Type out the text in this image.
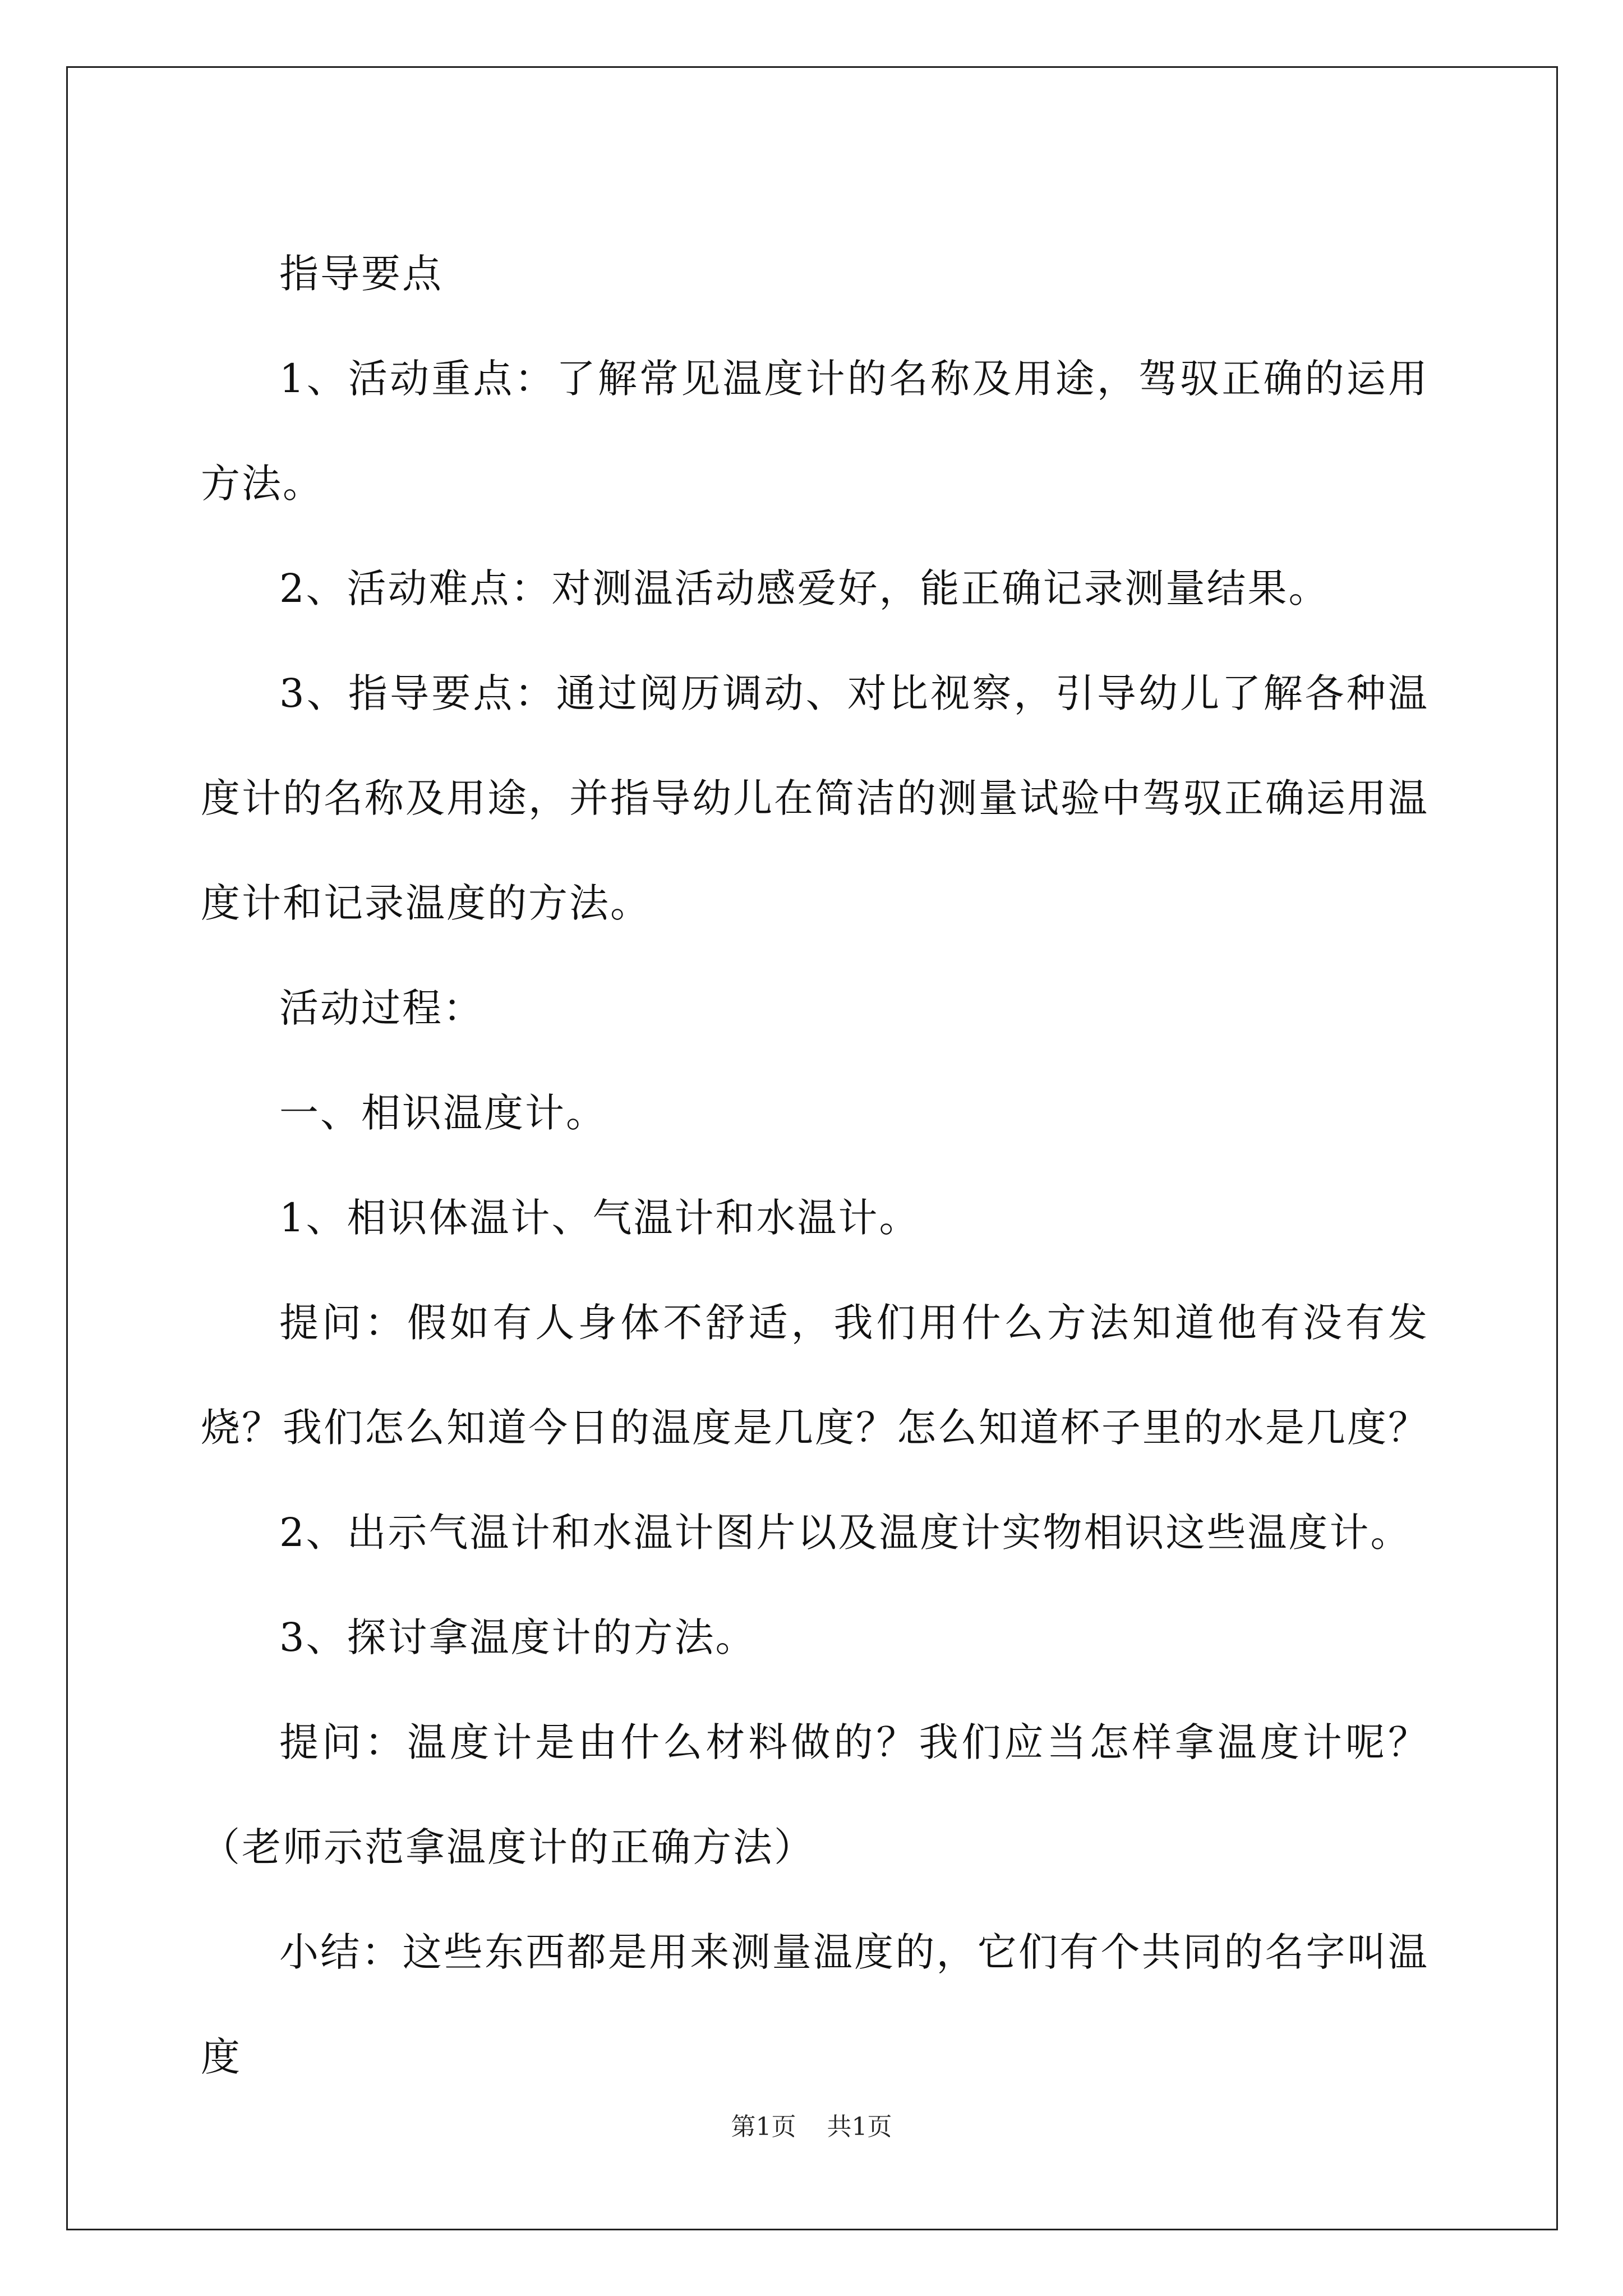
指导要点

1、活动重点：了解常见温度计的名称及用途，驾驭正确的运用方法。

2、活动难点：对测温活动感爱好，能正确记录测量结果。

3、指导要点：通过阅历调动、对比视察，引导幼儿了解各种温度计的名称及用途，并指导幼儿在简洁的测量试验中驾驭正确运用温度计和记录温度的方法。

活动过程：

一、相识温度计。

1、相识体温计、气温计和水温计。

提问：假如有人身体不舒适，我们用什么方法知道他有没有发烧？我们怎么知道今日的温度是几度？怎么知道杯子里的水是几度？

2、出示气温计和水温计图片以及温度计实物相识这些温度计。

3、探讨拿温度计的方法。

提问：温度计是由什么材料做的？我们应当怎样拿温度计呢？（老师示范拿温度计的正确方法）

小结：这些东西都是用来测量温度的，它们有个共同的名字叫温度

第1页 共1页
